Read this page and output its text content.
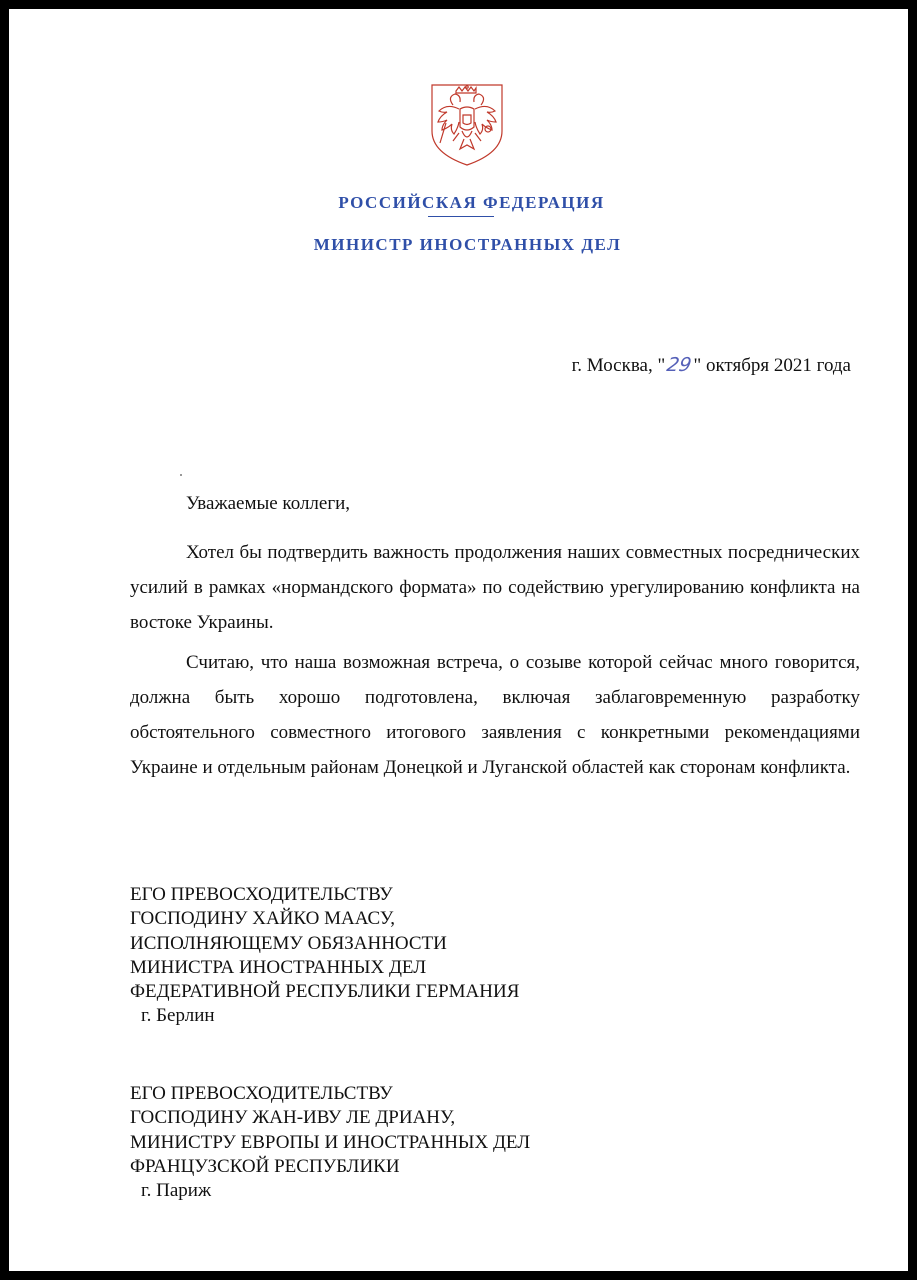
РОССИЙСКАЯ ФЕДЕРАЦИЯ
МИНИСТР ИНОСТРАННЫХ ДЕЛ
г. Москва, "29" октября 2021 года
Уважаемые коллеги,

Хотел бы подтвердить важность продолжения наших совместных посреднических усилий в рамках «нормандского формата» по содействию урегулированию конфликта на востоке Украины.

Считаю, что наша возможная встреча, о созыве которой сейчас много говорится, должна быть хорошо подготовлена, включая заблаговременную разработку обстоятельного совместного итогового заявления с конкретными рекомендациями Украине и отдельным районам Донецкой и Луганской областей как сторонам конфликта.

ЕГО ПРЕВОСХОДИТЕЛЬСТВУ
ГОСПОДИНУ ХАЙКО МААСУ,
ИСПОЛНЯЮЩЕМУ ОБЯЗАННОСТИ
МИНИСТРА ИНОСТРАННЫХ ДЕЛ
ФЕДЕРАТИВНОЙ РЕСПУБЛИКИ ГЕРМАНИЯ
г. Берлин
ЕГО ПРЕВОСХОДИТЕЛЬСТВУ
ГОСПОДИНУ ЖАН-ИВУ ЛЕ ДРИАНУ,
МИНИСТРУ ЕВРОПЫ И ИНОСТРАННЫХ ДЕЛ
ФРАНЦУЗСКОЙ РЕСПУБЛИКИ
г. Париж
